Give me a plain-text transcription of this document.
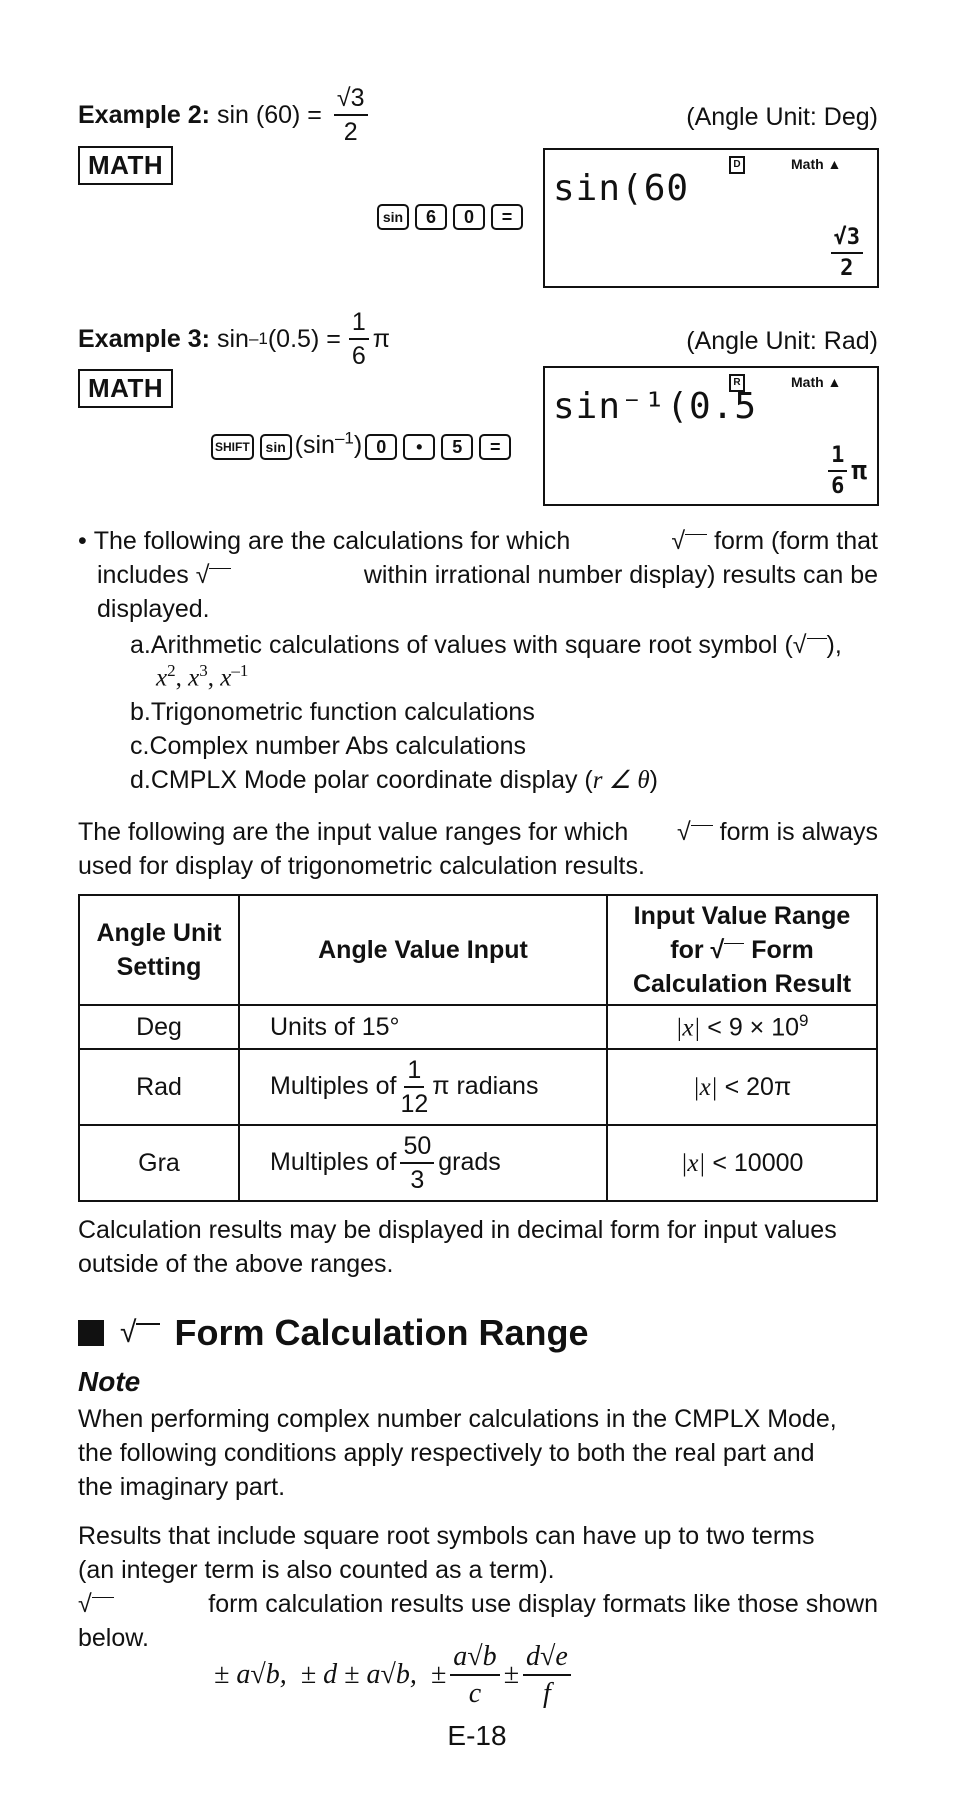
Example 2:
$\sin (60) = \frac{√3}{2}$	(Angle Unit: Deg)
MATH
sin 6 0 =
sin(60
D	Math ▲
$\frac{√3}{2}$
Example 3:
sin –1 $(0.5) = \frac{1}{6}$ π	(Angle Unit: Rad)
MATH
SHIFT $\sin (\sin^{-1})$ 0 • 5 =
sin⁻¹(0.5
R	Math ▲
$\frac{1}{6}$ π
• The following are the calculations for which	√ form (form that
includes √	within irrational number display) results can be
displayed.
a.Arithmetic calculations of values with square root symbol (√ ),
$x^2$, $x^3$, $x^{-1}$
b.Trigonometric function calculations
c.Complex number Abs calculations
d.CMPLX Mode polar coordinate display (r ∠ θ)
The following are the input value ranges for which √ form is always
used for display of trigonometric calculation results.
Angle Unit
Setting	Angle Value Input	Input Value Range
for √ Form
Calculation Result
Deg	Units of 15°	$|x| < 9 \times 10^9$
Rad	Multiples of $\frac{1}{12}$ π radians	|x| < 20π
Gra	Multiples of $\frac{50}{3}$ grads	|x| < 10000
Calculation results may be displayed in decimal form for input values
outside of the above ranges.
√ Form Calculation Range
Note
When performing complex number calculations in the CMPLX Mode,
the following conditions apply respectively to both the real part and
the imaginary part.
Results that include square root symbols can have up to two terms
(an integer term is also counted as a term).
√	form calculation results use display formats like those shown
below.
± a√b,
± d ± a√b,
± $\frac{a√b}{c} \pm \frac{d√e}{f}$
E-18
